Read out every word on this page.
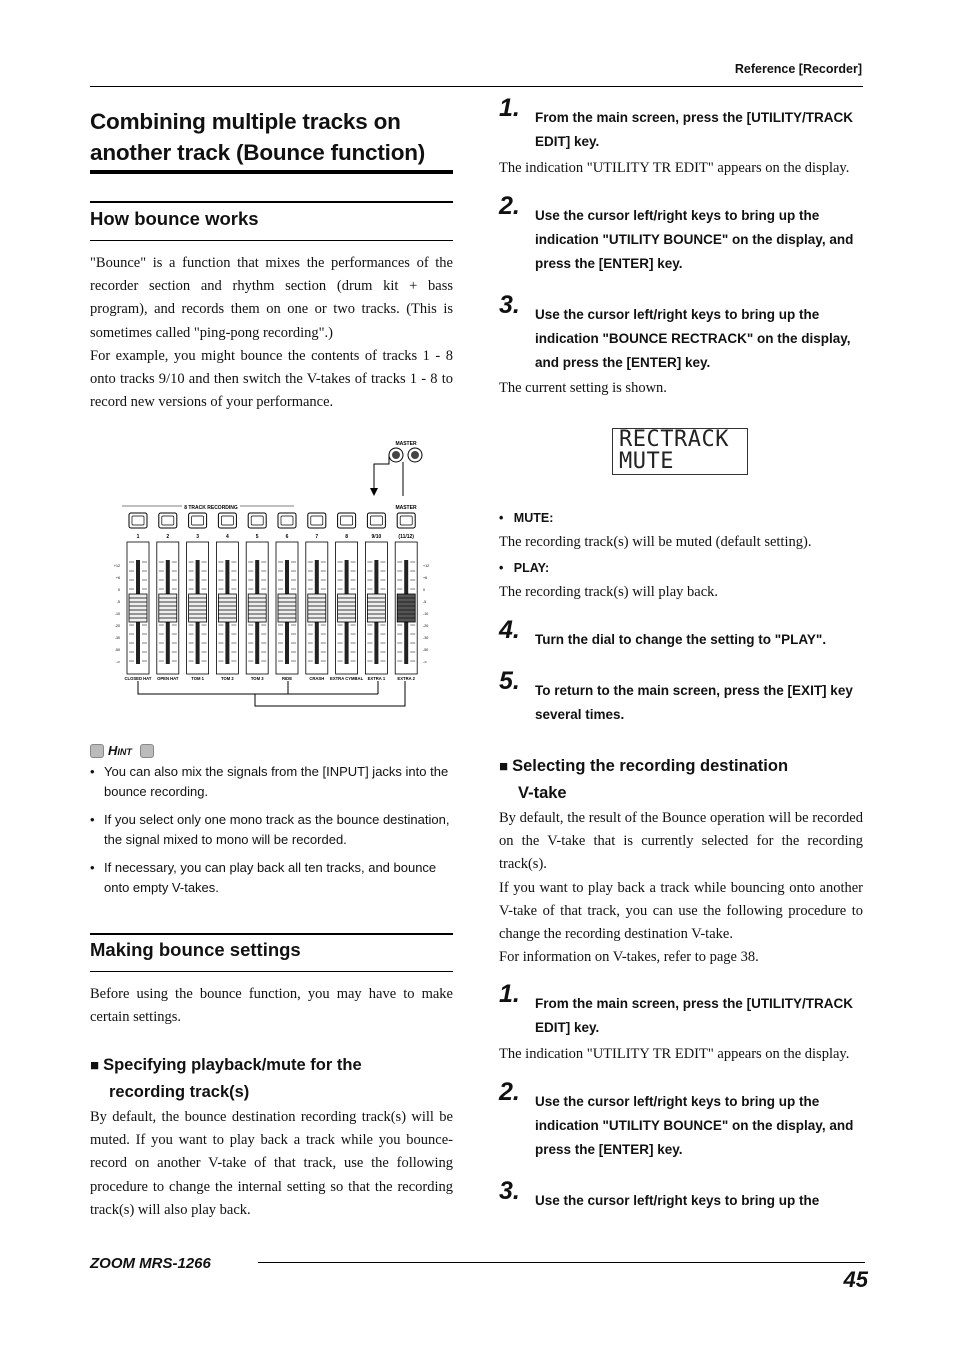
Reference [Recorder]
Combining multiple tracks on
another track (Bounce function)
How bounce works
"Bounce" is a function that mixes the performances of the recorder section and rhythm section (drum kit + bass program), and records them on one or two tracks. (This is sometimes called "ping-pong recording".)
For example, you might bounce the contents of tracks 1 - 8 onto tracks 9/10 and then switch the V-takes of tracks 1 - 8 to record new versions of your performance.
MASTER
8 TRACK RECORDING	MASTER
1
CLOSED HAT
2
OPEN HAT
3
TOM 1
4
TOM 2
5
TOM 3
6
RIDE
7
CRASH
8
EXTRA CYMBAL
9/10
EXTRA 1
(11/12)
EXTRA 2
+12
+6
0
-5
-10
-20
-30
-50
-∞
+12
+6
0
-5
-10
-20
-30
-50
-∞
Hint
• You can also mix the signals from the [INPUT] jacks into the bounce recording.
• If you select only one mono track as the bounce destination, the signal mixed to mono will be recorded.
• If necessary, you can play back all ten tracks, and bounce onto empty V-takes.
Making bounce settings
Before using the bounce function, you may have to make certain settings.
■ Specifying playback/mute for the
recording track(s)
By default, the bounce destination recording track(s) will be muted. If you want to play back a track while you bounce-record on another V-take of that track, use the following procedure to change the internal setting so that the recording track(s) will also play back.
1. From the main screen, press the [UTILITY/TRACK EDIT] key.
The indication "UTILITY TR EDIT" appears on the display.
2. Use the cursor left/right keys to bring up the indication "UTILITY BOUNCE" on the display, and press the [ENTER] key.
3. Use the cursor left/right keys to bring up the indication "BOUNCE RECTRACK" on the display, and press the [ENTER] key.
The current setting is shown.
RECTRACK
MUTE
•   MUTE:
The recording track(s) will be muted (default setting).
•   PLAY:
The recording track(s) will play back.
4. Turn the dial to change the setting to "PLAY".
5. To return to the main screen, press the [EXIT] key several times.
■ Selecting the recording destination
V-take
By default, the result of the Bounce operation will be recorded on the V-take that is currently selected for the recording track(s).
If you want to play back a track while bouncing onto another V-take of that track, you can use the following procedure to change the recording destination V-take.
For information on V-takes, refer to page 38.
1. From the main screen, press the [UTILITY/TRACK EDIT] key.
The indication "UTILITY TR EDIT" appears on the display.
2. Use the cursor left/right keys to bring up the indication "UTILITY BOUNCE" on the display, and press the [ENTER] key.
3. Use the cursor left/right keys to bring up the
ZOOM MRS-1266
45
